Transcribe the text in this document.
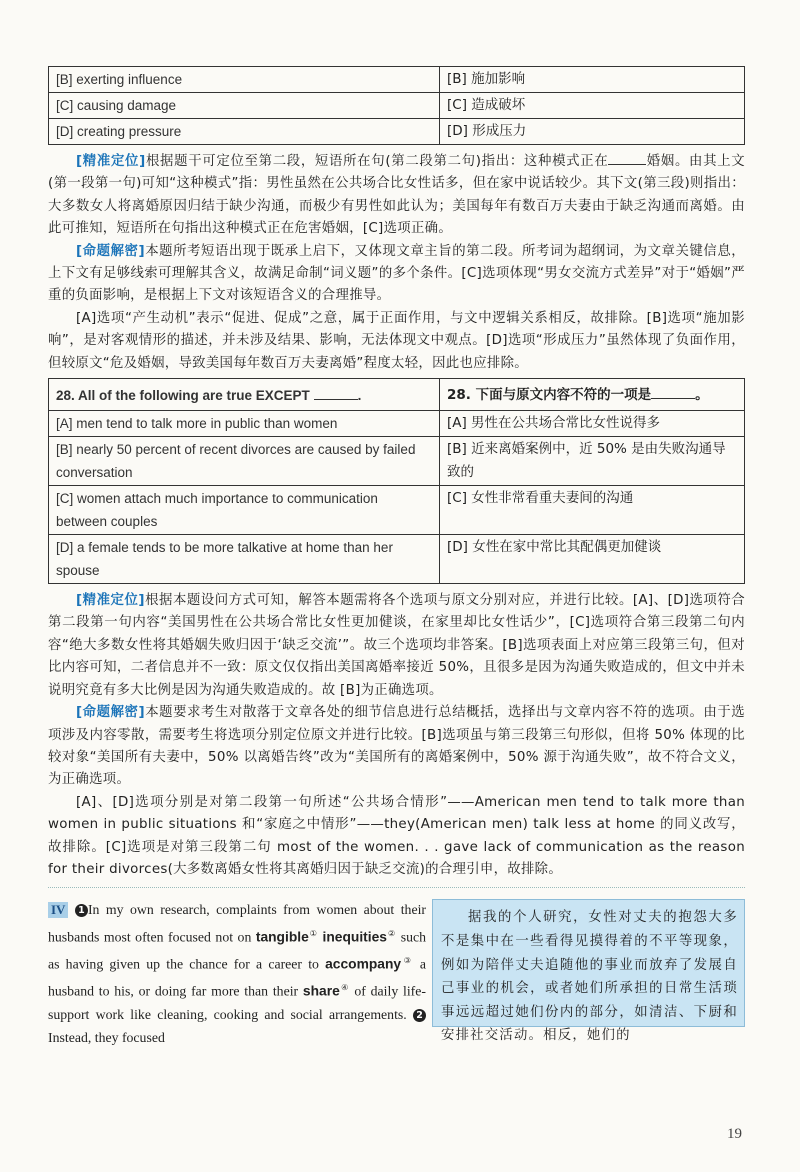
[B] exerting influence	[B] 施加影响
[C] causing damage	[C] 造成破坏
[D] creating pressure	[D] 形成压力

[精准定位]根据题干可定位至第二段，短语所在句(第二段第二句)指出：这种模式正在	婚姻。由其上文(第一段第一句)可知“这种模式”指：男性虽然在公共场合比女性话多，但在家中说话较少。其下文(第三段)则指出：大多数女人将离婚原因归结于缺少沟通，而极少有男性如此认为；美国每年有数百万夫妻由于缺乏沟通而离婚。由此可推知，短语所在句指出这种模式正在危害婚姻，[C]选项正确。

[命题解密]本题所考短语出现于既承上启下，又体现文章主旨的第二段。所考词为超纲词，为文章关键信息，上下文有足够线索可理解其含义，故满足命制“词义题”的多个条件。[C]选项体现“男女交流方式差异”对于“婚姻”严重的负面影响，是根据上下文对该短语含义的合理推导。

[A]选项“产生动机”表示“促进、促成”之意，属于正面作用，与文中逻辑关系相反，故排除。[B]选项“施加影响”，是对客观情形的描述，并未涉及结果、影响，无法体现文中观点。[D]选项“形成压力”虽然体现了负面作用，但较原文“危及婚姻，导致美国每年数百万夫妻离婚”程度太轻，因此也应排除。

28. All of the following are true EXCEPT .	28. 下面与原文内容不符的一项是 。
[A] men tend to talk more in public than women	[A] 男性在公共场合常比女性说得多
[B] nearly 50 percent of recent divorces are caused by failed conversation	[B] 近来离婚案例中，近 50% 是由失败沟通导致的
[C] women attach much importance to communication between couples	[C] 女性非常看重夫妻间的沟通
[D] a female tends to be more talkative at home than her spouse	[D] 女性在家中常比其配偶更加健谈

[精准定位]根据本题设问方式可知，解答本题需将各个选项与原文分别对应，并进行比较。[A]、[D]选项符合第二段第一句内容“美国男性在公共场合常比女性更加健谈，在家里却比女性话少”，[C]选项符合第三段第二句内容“绝大多数女性将其婚姻失败归因于‘缺乏交流’”。故三个选项均非答案。[B]选项表面上对应第三段第三句，但对比内容可知，二者信息并不一致：原文仅仅指出美国离婚率接近 50%，且很多是因为沟通失败造成的，但文中并未说明究竟有多大比例是因为沟通失败造成的。故 [B]为正确选项。

[命题解密]本题要求考生对散落于文章各处的细节信息进行总结概括，选择出与文章内容不符的选项。由于选项涉及内容零散，需要考生将选项分别定位原文并进行比较。[B]选项虽与第三段第三句形似，但将 50% 体现的比较对象“美国所有夫妻中，50% 以离婚告终”改为“美国所有的离婚案例中，50% 源于沟通失败”，故不符合文义，为正确选项。

[A]、[D]选项分别是对第二段第一句所述“公共场合情形”——American men tend to talk more than women in public situations 和“家庭之中情形”——they(American men) talk less at home 的同义改写，故排除。[C]选项是对第三段第二句 most of the women. . . gave lack of communication as the reason for their divorces(大多数离婚女性将其离婚归因于缺乏交流)的合理引申，故排除。

IV 1 In my own research, complaints from women about their husbands most often focused not on tangible① inequities② such as having given up the chance for a career to accompany③ a husband to his, or doing far more than their share④ of daily life-support work like cleaning, cooking and social arrangements. 2Instead, they focused
据我的个人研究，女性对丈夫的抱怨大多不是集中在一些看得见摸得着的不平等现象，例如为陪伴丈夫追随他的事业而放弃了发展自己事业的机会，或者她们所承担的日常生活琐事远远超过她们份内的部分，如清洁、下厨和安排社交活动。相反，她们的
19
